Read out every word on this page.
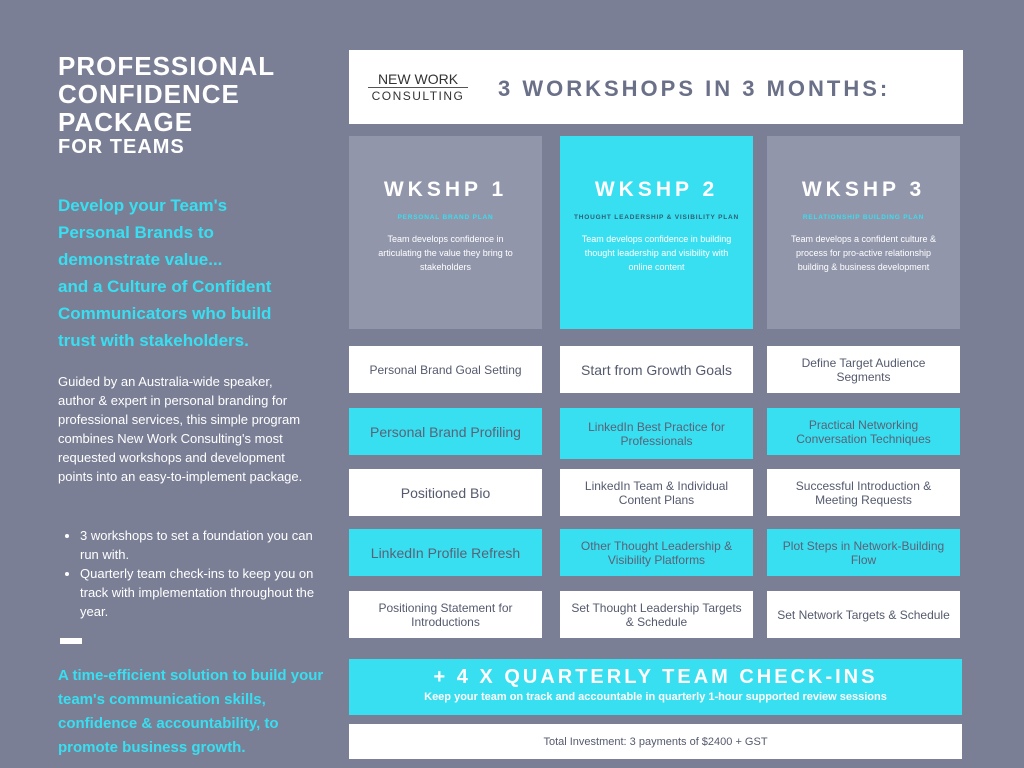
PROFESSIONAL
CONFIDENCE
PACKAGE
FOR TEAMS
Develop your Team's
Personal Brands to
demonstrate value...
and a Culture of Confident
Communicators who build
trust with stakeholders.
Guided by an Australia-wide speaker, author & expert in personal branding for professional services, this simple program combines New Work Consulting's most requested workshops and development points into an easy-to-implement package.
• 3 workshops to set a foundation you can run with.
• Quarterly team check-ins to keep you on track with implementation throughout the year.
A time-efficient solution to build your team's communication skills, confidence & accountability, to promote business growth.
NEW WORK
CONSULTING 3 WORKSHOPS IN 3 MONTHS:
WKSHP 1
PERSONAL BRAND PLAN
Team develops confidence in articulating the value they bring to stakeholders
WKSHP 2
THOUGHT LEADERSHIP & VISIBILITY PLAN
Team develops confidence in building thought leadership and visibility with online content
WKSHP 3
RELATIONSHIP BUILDING PLAN
Team develops a confident culture & process for pro-active relationship building & business development
Personal Brand Goal Setting
Personal Brand Profiling
Positioned Bio
LinkedIn Profile Refresh
Positioning Statement for Introductions
Start from Growth Goals
LinkedIn Best Practice for Professionals
LinkedIn Team & Individual Content Plans
Other Thought Leadership & Visibility Platforms
Set Thought Leadership Targets & Schedule
Define Target Audience Segments
Practical Networking Conversation Techniques
Successful Introduction & Meeting Requests
Plot Steps in Network-Building Flow
Set Network Targets & Schedule
+ 4 X QUARTERLY TEAM CHECK-INS
Keep your team on track and accountable in quarterly 1-hour supported review sessions
Total Investment: 3 payments of $2400 + GST
